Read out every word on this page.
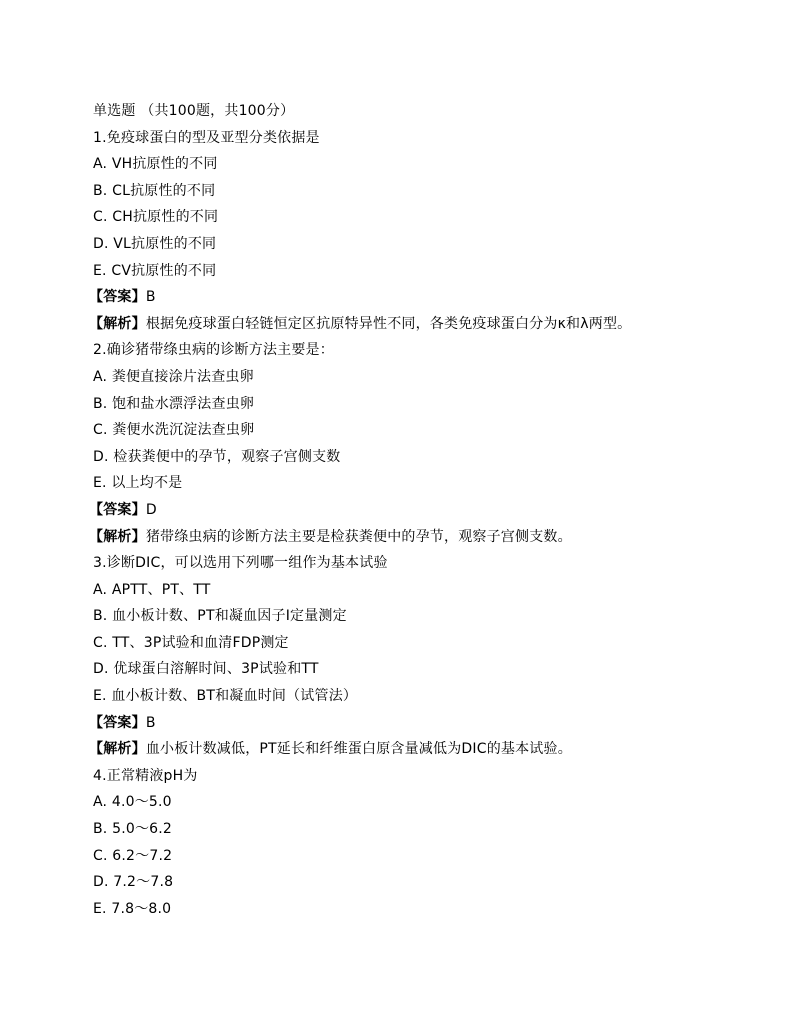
单选题 （共100题，共100分）
1.免疫球蛋白的型及亚型分类依据是
A. VH抗原性的不同
B. CL抗原性的不同
C. CH抗原性的不同
D. VL抗原性的不同
E. CV抗原性的不同
【答案】B
【解析】根据免疫球蛋白轻链恒定区抗原特异性不同，各类免疫球蛋白分为κ和λ两型。
2.确诊猪带绦虫病的诊断方法主要是：
A. 粪便直接涂片法查虫卵
B. 饱和盐水漂浮法查虫卵
C. 粪便水洗沉淀法查虫卵
D. 检获粪便中的孕节，观察子宫侧支数
E. 以上均不是
【答案】D
【解析】猪带绦虫病的诊断方法主要是检获粪便中的孕节，观察子宫侧支数。
3.诊断DIC，可以选用下列哪一组作为基本试验
A. APTT、PT、TT
B. 血小板计数、PT和凝血因子Ⅰ定量测定
C. TT、3P试验和血清FDP测定
D. 优球蛋白溶解时间、3P试验和TT
E. 血小板计数、BT和凝血时间（试管法）
【答案】B
【解析】血小板计数减低，PT延长和纤维蛋白原含量减低为DIC的基本试验。
4.正常精液pH为
A. 4.0～5.0
B. 5.0～6.2
C. 6.2～7.2
D. 7.2～7.8
E. 7.8～8.0
